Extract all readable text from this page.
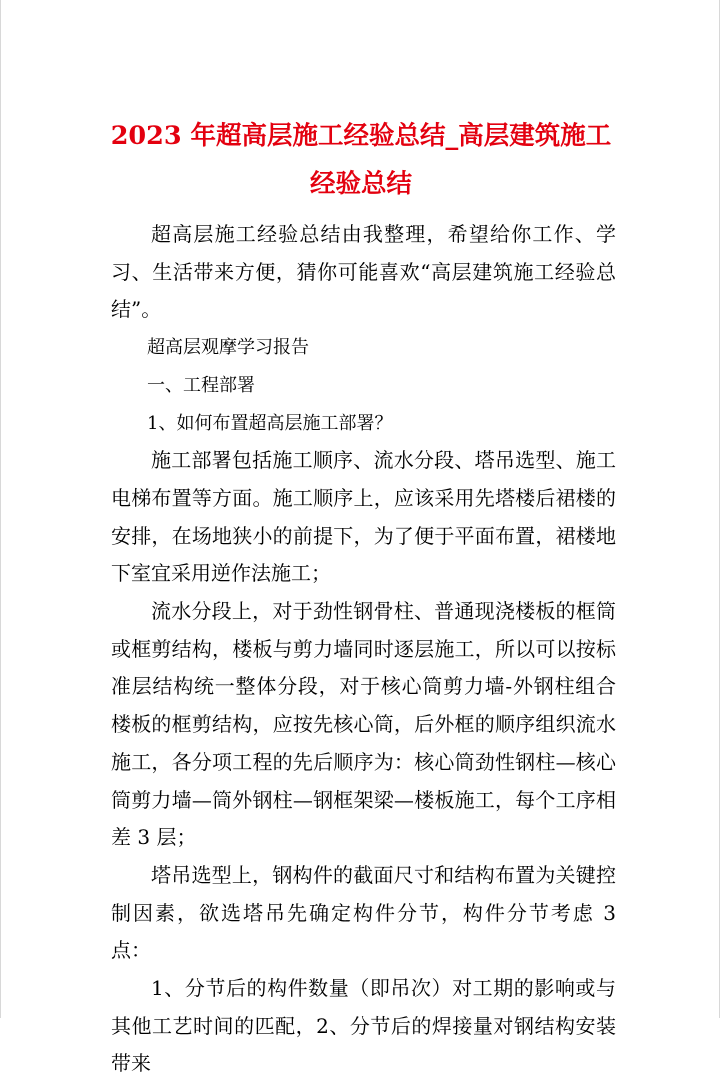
2023 年超高层施工经验总结_高层建筑施工
经验总结

超高层施工经验总结由我整理，希望给你工作、学习、生活带来方便，猜你可能喜欢“高层建筑施工经验总结”。

超高层观摩学习报告

一、工程部署

1、如何布置超高层施工部署？

施工部署包括施工顺序、流水分段、塔吊选型、施工电梯布置等方面。施工顺序上，应该采用先塔楼后裙楼的安排，在场地狭小的前提下，为了便于平面布置，裙楼地下室宜采用逆作法施工；

流水分段上，对于劲性钢骨柱、普通现浇楼板的框筒或框剪结构，楼板与剪力墙同时逐层施工，所以可以按标准层结构统一整体分段，对于核心筒剪力墙-外钢柱组合楼板的框剪结构，应按先核心筒，后外框的顺序组织流水施工，各分项工程的先后顺序为：核心筒劲性钢柱—核心筒剪力墙—筒外钢柱—钢框架梁—楼板施工，每个工序相差 3 层；

塔吊选型上，钢构件的截面尺寸和结构布置为关键控制因素，欲选塔吊先确定构件分节，构件分节考虑 3 点：

1、分节后的构件数量（即吊次）对工期的影响或与其他工艺时间的匹配，2、分节后的焊接量对钢结构安装带来
